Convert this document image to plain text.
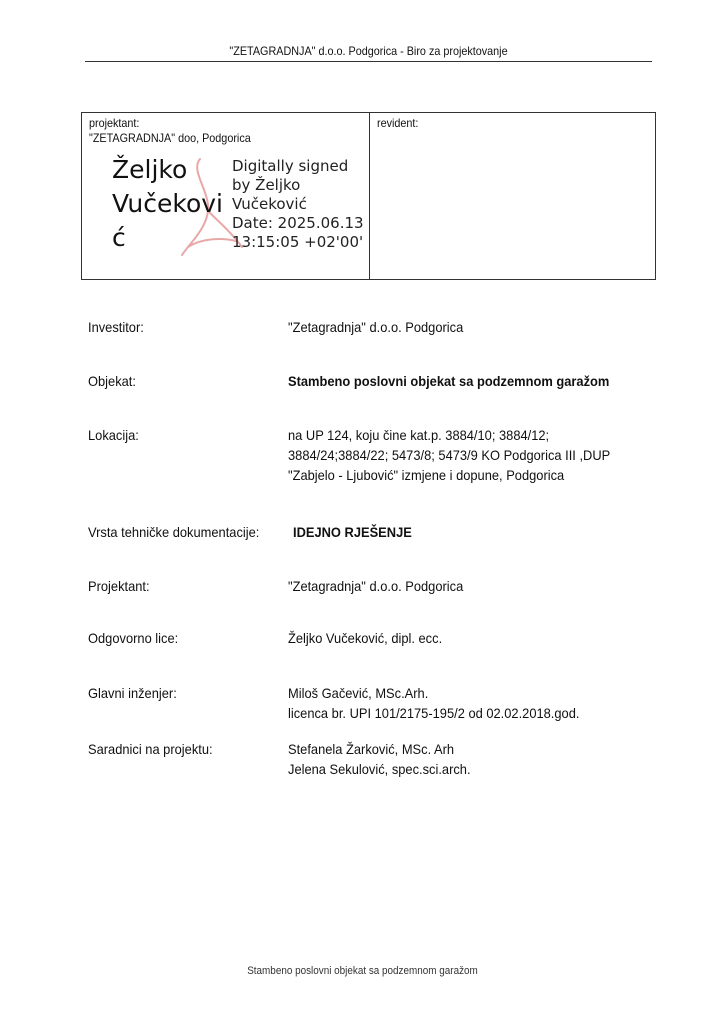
"ZETAGRADNJA" d.o.o. Podgorica - Biro za projektovanje
projektant:
"ZETAGRADNJA" doo, Podgorica
revident:
Željko
Vučekovi
ć
Digitally signed
by Željko
Vučeković
Date: 2025.06.13
13:15:05 +02'00'
Investitor:	"Zetagradnja" d.o.o. Podgorica
Objekat:	Stambeno poslovni objekat sa podzemnom garažom
Lokacija:	na UP 124, koju čine kat.p. 3884/10; 3884/12;
3884/24;3884/22; 5473/8; 5473/9 KO Podgorica III ,DUP
"Zabjelo - Ljubović" izmjene i dopune, Podgorica
Vrsta tehničke dokumentacije: IDEJNO RJEŠENJE
Projektant:	"Zetagradnja" d.o.o. Podgorica
Odgovorno lice:	Željko Vučeković, dipl. ecc.
Glavni inženjer:	Miloš Gačević, MSc.Arh.
licenca br. UPI 101/2175-195/2 od 02.02.2018.god.
Saradnici na projektu:	Stefanela Žarković, MSc. Arh
Jelena Sekulović, spec.sci.arch.
Stambeno poslovni objekat sa podzemnom garažom
